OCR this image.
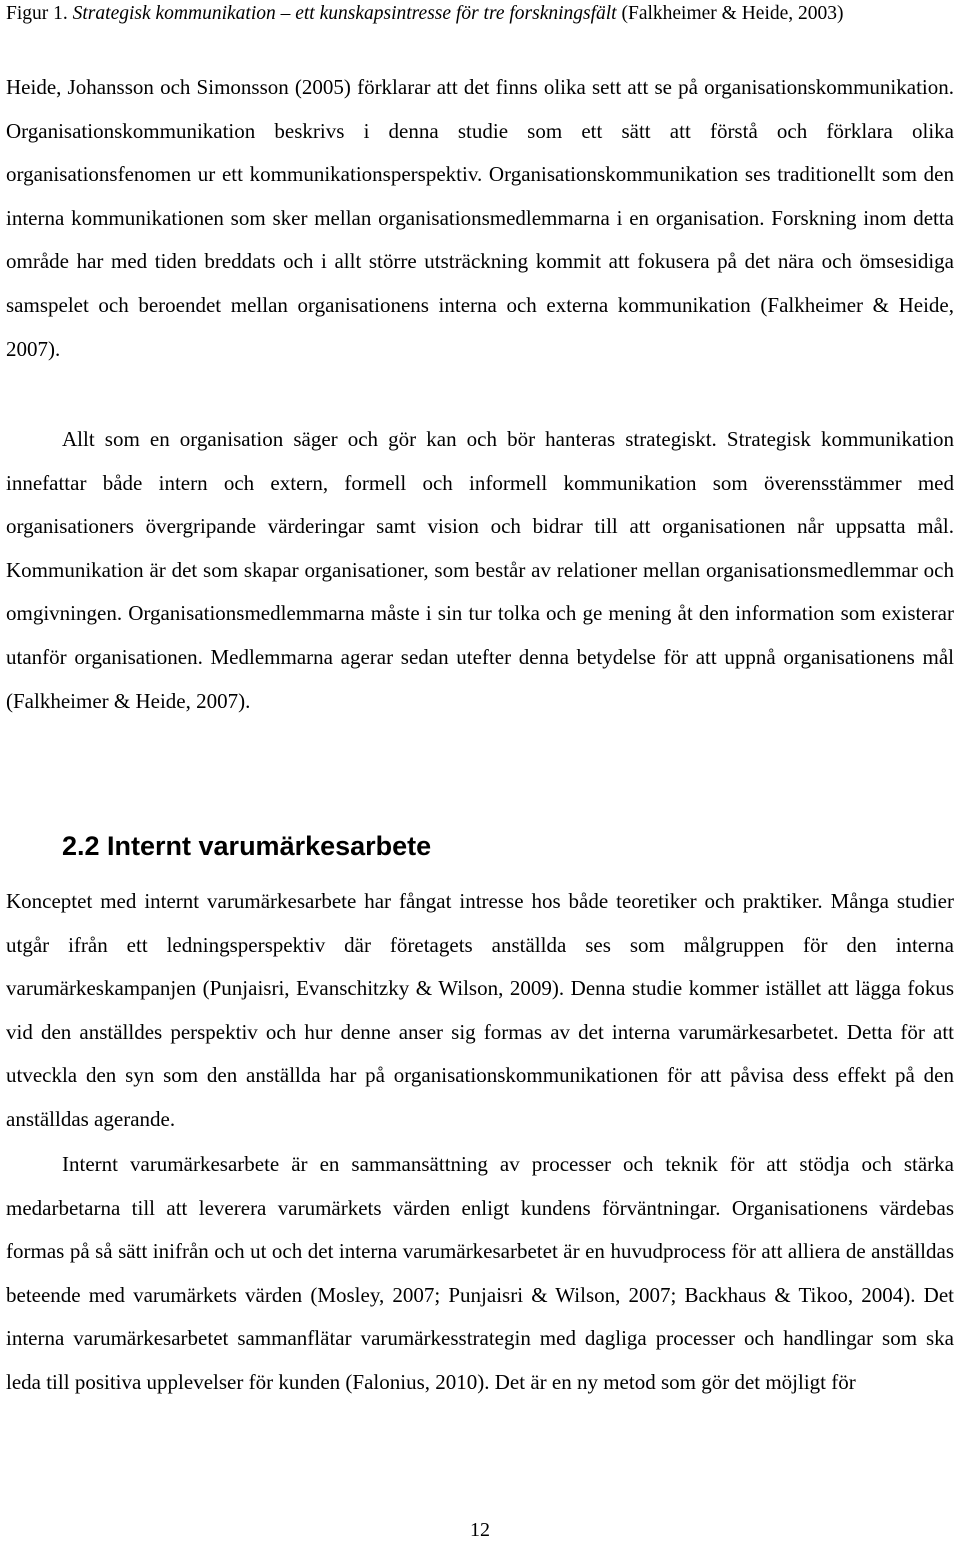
Figur 1. Strategisk kommunikation – ett kunskapsintresse för tre forskningsfält (Falkheimer & Heide, 2003)

Heide, Johansson och Simonsson (2005) förklarar att det finns olika sett att se på organisationskommunikation. Organisationskommunikation beskrivs i denna studie som ett sätt att förstå och förklara olika organisationsfenomen ur ett kommunikationsperspektiv. Organisationskommunikation ses traditionellt som den interna kommunikationen som sker mellan organisationsmedlemmarna i en organisation. Forskning inom detta område har med tiden breddats och i allt större utsträckning kommit att fokusera på det nära och ömsesidiga samspelet och beroendet mellan organisationens interna och externa kommunikation (Falkheimer & Heide, 2007).

Allt som en organisation säger och gör kan och bör hanteras strategiskt. Strategisk kommunikation innefattar både intern och extern, formell och informell kommunikation som överensstämmer med organisationers övergripande värderingar samt vision och bidrar till att organisationen når uppsatta mål. Kommunikation är det som skapar organisationer, som består av relationer mellan organisationsmedlemmar och omgivningen. Organisationsmedlemmarna måste i sin tur tolka och ge mening åt den information som existerar utanför organisationen. Medlemmarna agerar sedan utefter denna betydelse för att uppnå organisationens mål (Falkheimer & Heide, 2007).

2.2 Internt varumärkesarbete

Konceptet med internt varumärkesarbete har fångat intresse hos både teoretiker och praktiker. Många studier utgår ifrån ett ledningsperspektiv där företagets anställda ses som målgruppen för den interna varumärkeskampanjen (Punjaisri, Evanschitzky & Wilson, 2009). Denna studie kommer istället att lägga fokus vid den anställdes perspektiv och hur denne anser sig formas av det interna varumärkesarbetet. Detta för att utveckla den syn som den anställda har på organisationskommunikationen för att påvisa dess effekt på den anställdas agerande.

Internt varumärkesarbete är en sammansättning av processer och teknik för att stödja och stärka medarbetarna till att leverera varumärkets värden enligt kundens förväntningar. Organisationens värdebas formas på så sätt inifrån och ut och det interna varumärkesarbetet är en huvudprocess för att alliera de anställdas beteende med varumärkets värden (Mosley, 2007; Punjaisri & Wilson, 2007; Backhaus & Tikoo, 2004). Det interna varumärkesarbetet sammanflätar varumärkesstrategin med dagliga processer och handlingar som ska leda till positiva upplevelser för kunden (Falonius, 2010). Det är en ny metod som gör det möjligt för

12
